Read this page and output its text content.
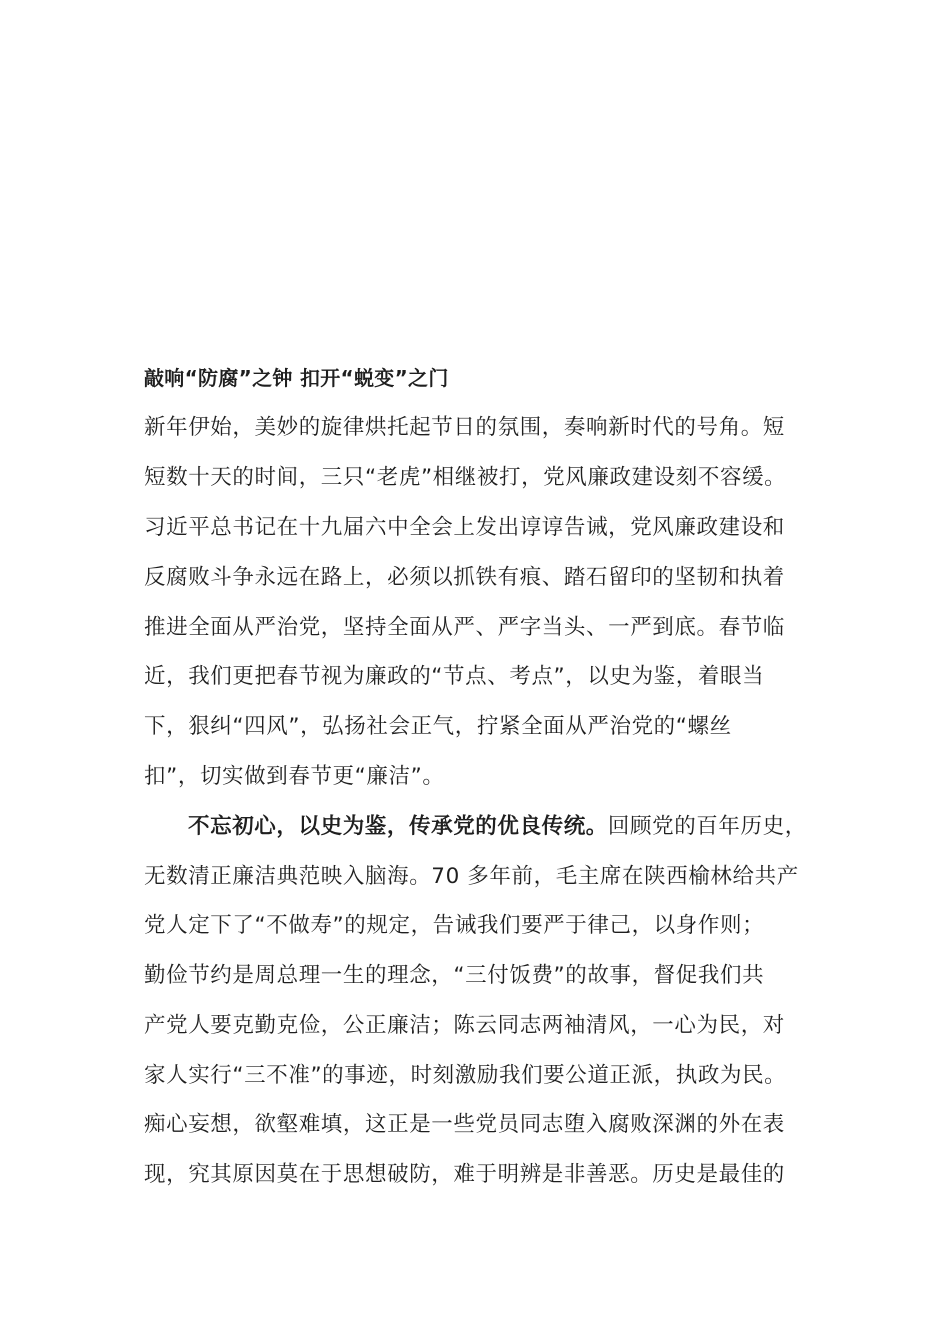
敲响“防腐”之钟 扣开“蜕变”之门
新年伊始，美妙的旋律烘托起节日的氛围，奏响新时代的号角。短
短数十天的时间，三只“老虎”相继被打，党风廉政建设刻不容缓。
习近平总书记在十九届六中全会上发出谆谆告诫，党风廉政建设和
反腐败斗争永远在路上，必须以抓铁有痕、踏石留印的坚韧和执着
推进全面从严治党，坚持全面从严、严字当头、一严到底。春节临
近，我们更把春节视为廉政的“节点、考点”，以史为鉴，着眼当
下，狠纠“四风”，弘扬社会正气，拧紧全面从严治党的“螺丝
扣”，切实做到春节更“廉洁”。
不忘初心，以史为鉴，传承党的优良传统。回顾党的百年历史，
无数清正廉洁典范映入脑海。70 多年前，毛主席在陕西榆林给共产
党人定下了“不做寿”的规定，告诫我们要严于律己，以身作则；
勤俭节约是周总理一生的理念，“三付饭费”的故事，督促我们共
产党人要克勤克俭，公正廉洁；陈云同志两袖清风，一心为民，对
家人实行“三不准”的事迹，时刻激励我们要公道正派，执政为民。
痴心妄想，欲壑难填，这正是一些党员同志堕入腐败深渊的外在表
现，究其原因莫在于思想破防，难于明辨是非善恶。历史是最佳的
